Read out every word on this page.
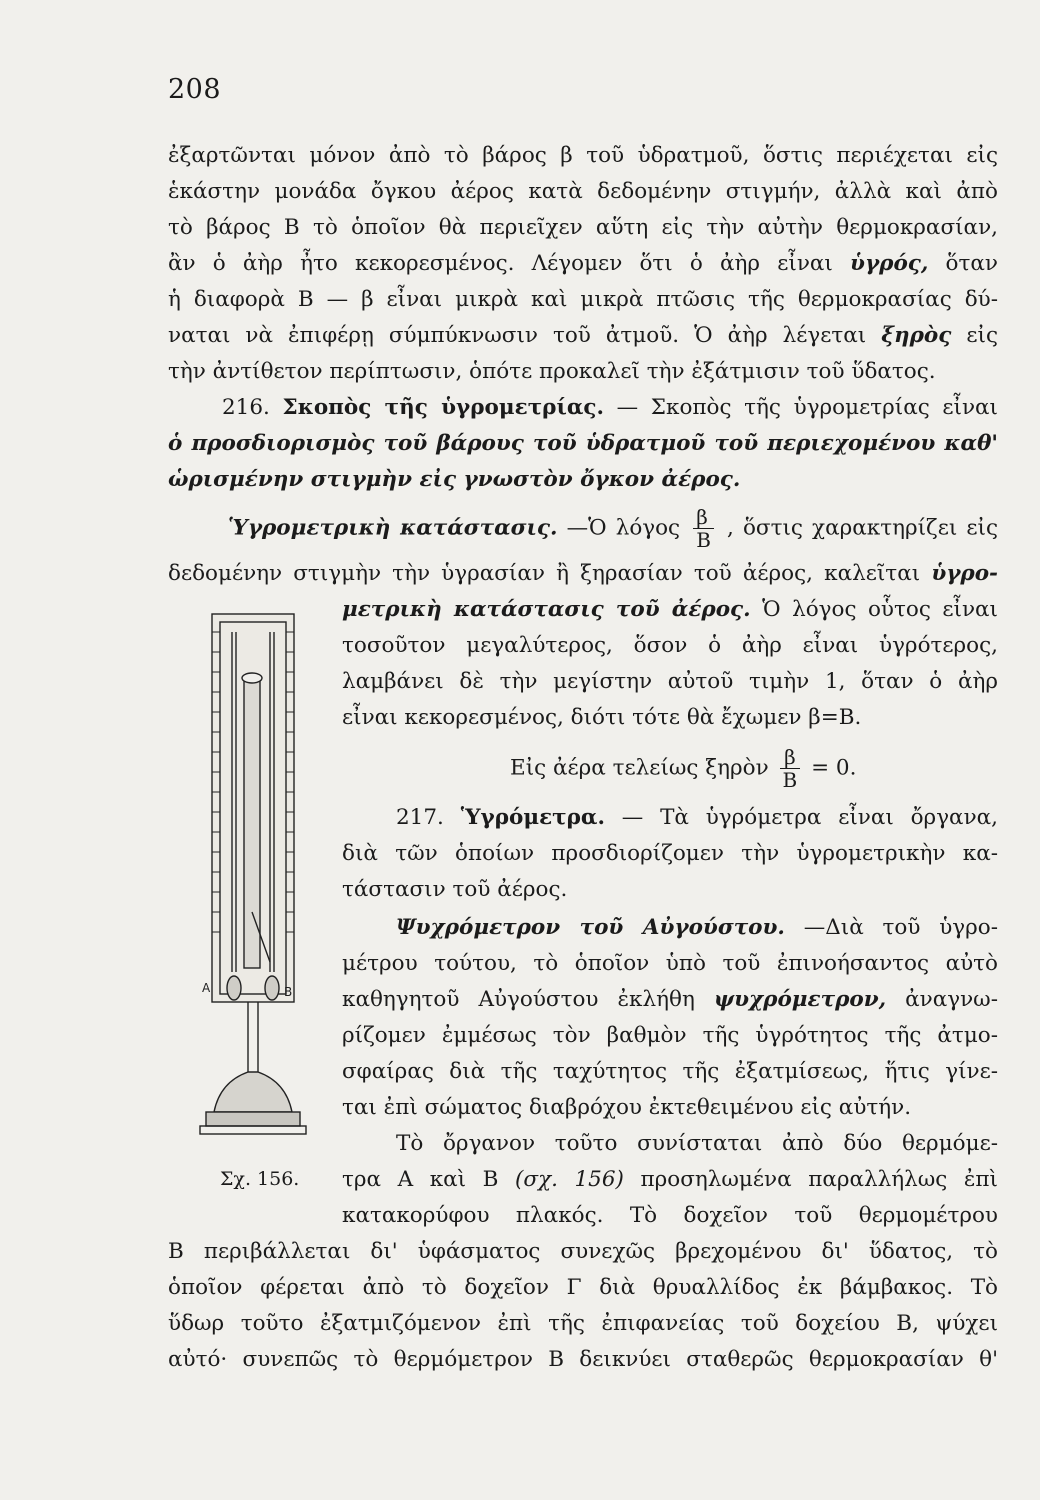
208
ἐξαρτῶνται μόνον ἀπὸ τὸ βάρος β τοῦ ὑδρατμοῦ, ὅστις περιέχεται εἰς
ἑκάστην μονάδα ὄγκου ἀέρος κατὰ δεδομένην στιγμήν, ἀλλὰ καὶ ἀπὸ
τὸ βάρος Β τὸ ὁποῖον θὰ περιεῖχεν αὕτη εἰς τὴν αὐτὴν θερμοκρασίαν,
ἂν ὁ ἀὴρ ἦτο κεκορεσμένος. Λέγομεν ὅτι ὁ ἀὴρ εἶναι ὑγρός, ὅταν
ἡ διαφορὰ Β — β εἶναι μικρὰ καὶ μικρὰ πτῶσις τῆς θερμοκρασίας δύ-
ναται νὰ ἐπιφέρῃ σύμπύκνωσιν τοῦ ἀτμοῦ. Ὁ ἀὴρ λέγεται ξηρὸς εἰς
τὴν ἀντίθετον περίπτωσιν, ὁπότε προκαλεῖ τὴν ἐξάτμισιν τοῦ ὕδατος.
216. Σκοπὸς τῆς ὑγρομετρίας. — Σκοπὸς τῆς ὑγρομετρίας εἶναι
ὁ προσδιορισμὸς τοῦ βάρους τοῦ ὑδρατμοῦ τοῦ περιεχομένου καθ'
ὡρισμένην στιγμὴν εἰς γνωστὸν ὄγκον ἀέρος.
Ὑγρομετρικὴ κατάστασις. —Ὁ λόγος $\frac{\beta}{B}$ , ὅστις χαρακτηρίζει εἰς
δεδομένην στιγμὴν τὴν ὑγρασίαν ἢ ξηρασίαν τοῦ ἀέρος, καλεῖται ὑγρο-
μετρικὴ κατάστασις τοῦ ἀέρος. Ὁ λόγος οὗτος εἶναι
τοσοῦτον μεγαλύτερος, ὅσον ὁ ἀὴρ εἶναι ὑγρότερος,
λαμβάνει δὲ τὴν μεγίστην αὐτοῦ τιμὴν 1, ὅταν ὁ ἀὴρ
εἶναι κεκορεσμένος, διότι τότε θὰ ἔχωμεν β=Β.
Εἰς ἀέρα τελείως ξηρὸν $\frac{\beta}{B} = 0$.
217. Ὑγρόμετρα. — Τὰ ὑγρόμετρα εἶναι ὄργανα,
διὰ τῶν ὁποίων προσδιορίζομεν τὴν ὑγρομετρικὴν κα-
τάστασιν τοῦ ἀέρος.
Ψυχρόμετρον τοῦ Αὐγούστου. —Διὰ τοῦ ὑγρο-
μέτρου τούτου, τὸ ὁποῖον ὑπὸ τοῦ ἐπινοήσαντος αὐτὸ
καθηγητοῦ Αὐγούστου ἐκλήθη ψυχρόμετρον, ἀναγνω-
ρίζομεν ἐμμέσως τὸν βαθμὸν τῆς ὑγρότητος τῆς ἀτμο-
σφαίρας διὰ τῆς ταχύτητος τῆς ἐξατμίσεως, ἥτις γίνε-
ται ἐπὶ σώματος διαβρόχου ἐκτεθειμένου εἰς αὐτήν.
Τὸ ὄργανον τοῦτο συνίσταται ἀπὸ δύο θερμόμε-
τρα Α καὶ Β (σχ. 156) προσηλωμένα παραλλήλως ἐπὶ
κατακορύφου πλακός. Τὸ δοχεῖον τοῦ θερμομέτρου
Β περιβάλλεται δι' ὑφάσματος συνεχῶς βρεχομένου δι' ὕδατος, τὸ
ὁποῖον φέρεται ἀπὸ τὸ δοχεῖον Γ διὰ θρυαλλίδος ἐκ βάμβακος. Τὸ
ὕδωρ τοῦτο ἐξατμιζόμενον ἐπὶ τῆς ἐπιφανείας τοῦ δοχείου Β, ψύχει
αὐτό· συνεπῶς τὸ θερμόμετρον Β δεικνύει σταθερῶς θερμοκρασίαν θ'
A	B
Σχ. 156.
